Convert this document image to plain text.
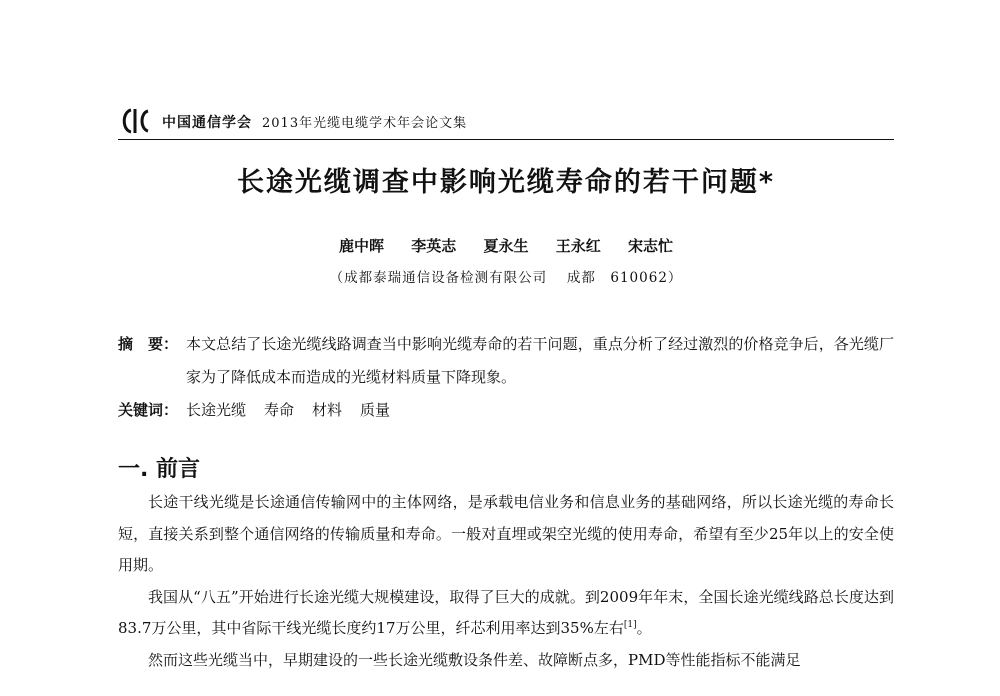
中国通信学会 2013年光缆电缆学术年会论文集
长途光缆调查中影响光缆寿命的若干问题*
鹿中晖 李英志 夏永生 王永红 宋志忙
（成都泰瑞通信设备检测有限公司　 成都　610062）
摘　要： 本文总结了长途光缆线路调查当中影响光缆寿命的若干问题，重点分析了经过激烈的价格竞争后，各光缆厂家为了降低成本而造成的光缆材料质量下降现象。
关键词： 长途光缆 寿命 材料 质量
一. 前言

长途干线光缆是长途通信传输网中的主体网络，是承载电信业务和信息业务的基础网络，所以长途光缆的寿命长短，直接关系到整个通信网络的传输质量和寿命。一般对直埋或架空光缆的使用寿命，希望有至少25年以上的安全使用期。

我国从“八五”开始进行长途光缆大规模建设，取得了巨大的成就。到2009年年末，全国长途光缆线路总长度达到83.7万公里，其中省际干线光缆长度约17万公里，纤芯利用率达到35%左右[1]。

然而这些光缆当中，早期建设的一些长途光缆敷设条件差、故障断点多，PMD等性能指标不能满足
